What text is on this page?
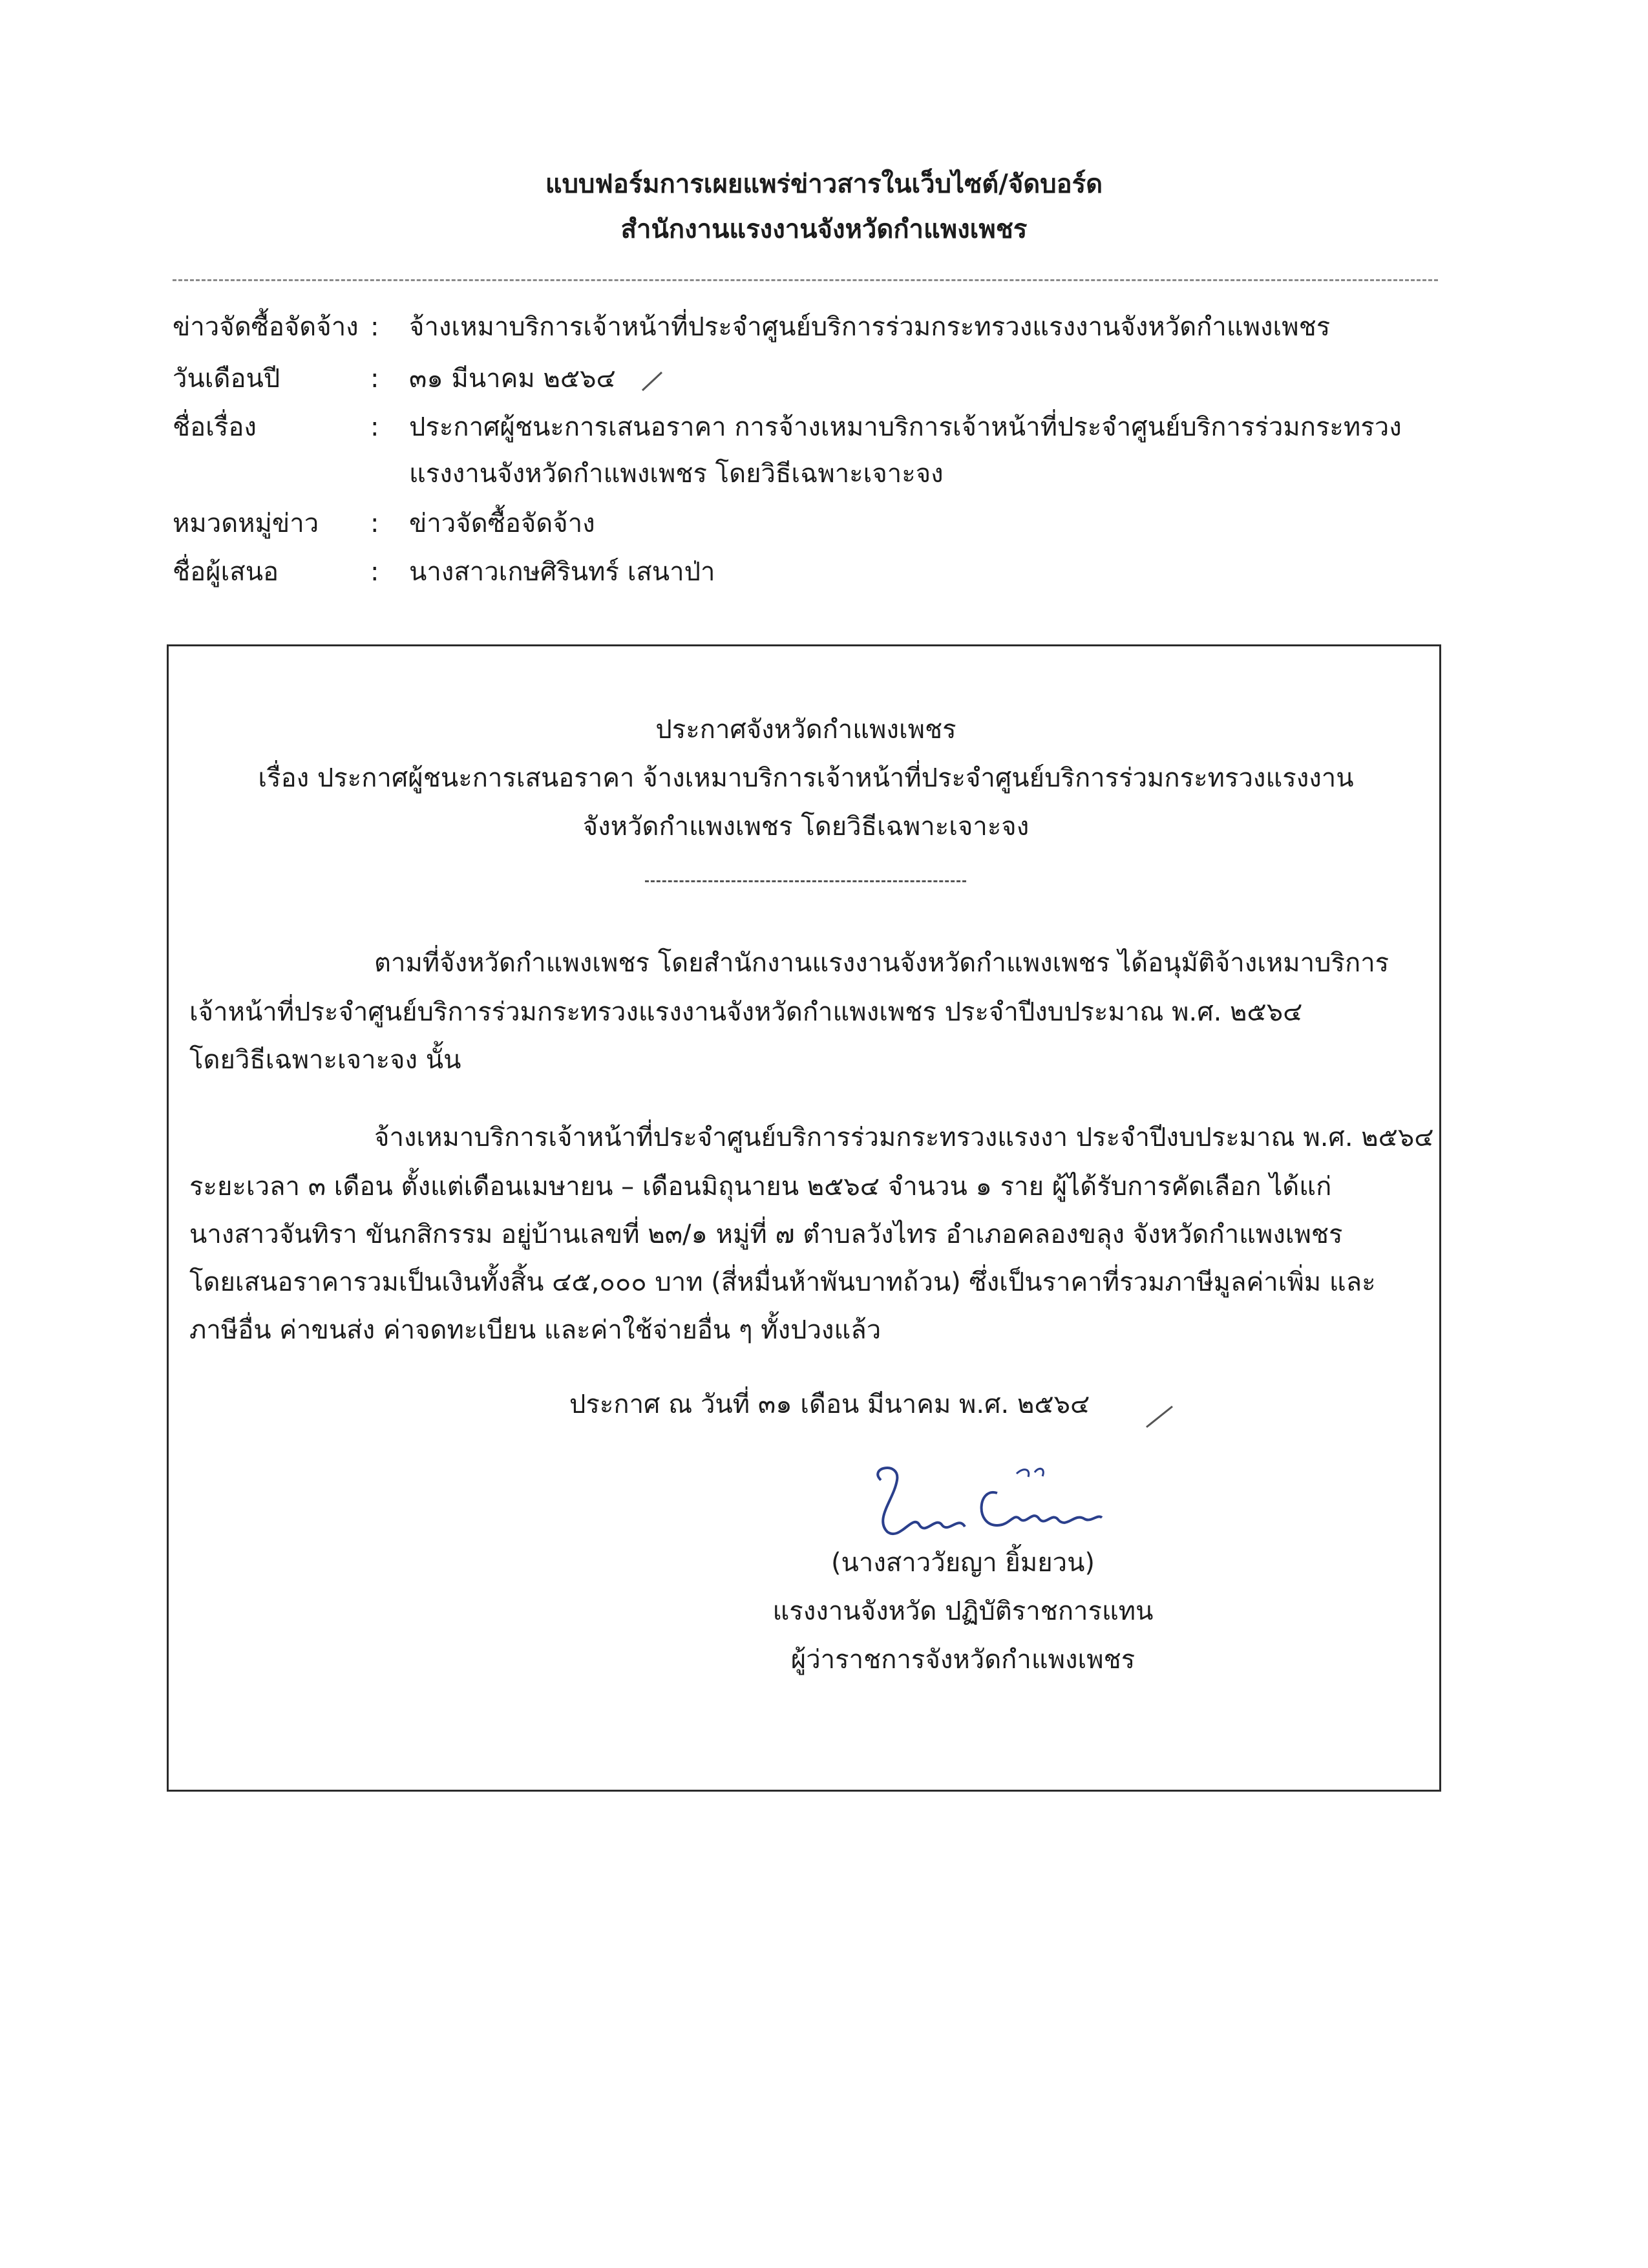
แบบฟอร์มการเผยแพร่ข่าวสารในเว็บไซต์/จัดบอร์ด
สำนักงานแรงงานจังหวัดกำแพงเพชร
ข่าวจัดซื้อจัดจ้าง : จ้างเหมาบริการเจ้าหน้าที่ประจำศูนย์บริการร่วมกระทรวงแรงงานจังหวัดกำแพงเพชร
วันเดือนปี	: ๓๑ มีนาคม ๒๕๖๔
ชื่อเรื่อง	: ประกาศผู้ชนะการเสนอราคา การจ้างเหมาบริการเจ้าหน้าที่ประจำศูนย์บริการร่วมกระทรวง
แรงงานจังหวัดกำแพงเพชร โดยวิธีเฉพาะเจาะจง
หมวดหมู่ข่าว	: ข่าวจัดซื้อจัดจ้าง
ชื่อผู้เสนอ	: นางสาวเกษศิรินทร์ เสนาป่า
ประกาศจังหวัดกำแพงเพชร
เรื่อง ประกาศผู้ชนะการเสนอราคา จ้างเหมาบริการเจ้าหน้าที่ประจำศูนย์บริการร่วมกระทรวงแรงงาน
จังหวัดกำแพงเพชร โดยวิธีเฉพาะเจาะจง
ตามที่จังหวัดกำแพงเพชร โดยสำนักงานแรงงานจังหวัดกำแพงเพชร ได้อนุมัติจ้างเหมาบริการ
เจ้าหน้าที่ประจำศูนย์บริการร่วมกระทรวงแรงงานจังหวัดกำแพงเพชร ประจำปีงบประมาณ พ.ศ. ๒๕๖๔
โดยวิธีเฉพาะเจาะจง นั้น
จ้างเหมาบริการเจ้าหน้าที่ประจำศูนย์บริการร่วมกระทรวงแรงงา ประจำปีงบประมาณ พ.ศ. ๒๕๖๔
ระยะเวลา ๓ เดือน ตั้งแต่เดือนเมษายน – เดือนมิถุนายน ๒๕๖๔ จำนวน ๑ ราย ผู้ได้รับการคัดเลือก ได้แก่
นางสาวจันทิรา ขันกสิกรรม อยู่บ้านเลขที่ ๒๓/๑ หมู่ที่ ๗ ตำบลวังไทร อำเภอคลองขลุง จังหวัดกำแพงเพชร
โดยเสนอราคารวมเป็นเงินทั้งสิ้น ๔๕,๐๐๐ บาท (สี่หมื่นห้าพันบาทถ้วน) ซึ่งเป็นราคาที่รวมภาษีมูลค่าเพิ่ม และ
ภาษีอื่น ค่าขนส่ง ค่าจดทะเบียน และค่าใช้จ่ายอื่น ๆ ทั้งปวงแล้ว
ประกาศ ณ วันที่ ๓๑ เดือน มีนาคม พ.ศ. ๒๕๖๔
(นางสาววัยญา ยิ้มยวน)
แรงงานจังหวัด ปฏิบัติราชการแทน
ผู้ว่าราชการจังหวัดกำแพงเพชร
